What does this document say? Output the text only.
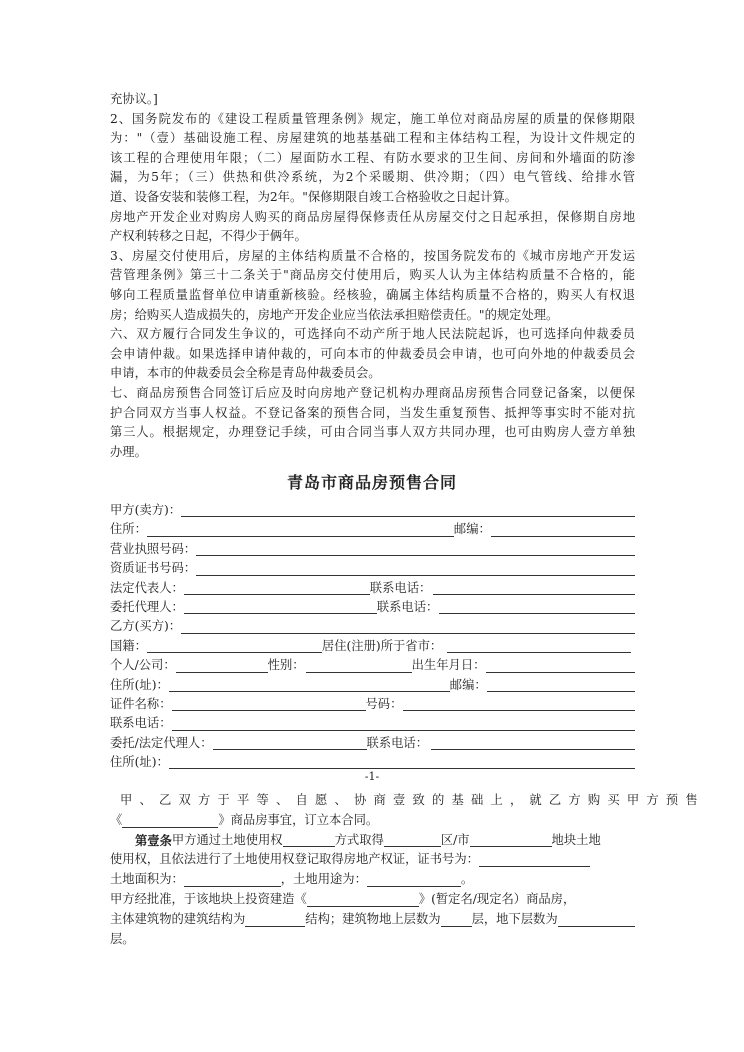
充协议。]
2、国务院发布的《建设工程质量管理条例》规定，施工单位对商品房屋的质量的保修期限
为："（壹）基础设施工程、房屋建筑的地基基础工程和主体结构工程，为设计文件规定的
该工程的合理使用年限；（二）屋面防水工程、有防水要求的卫生间、房间和外墙面的防渗
漏，为5年；（三）供热和供冷系统，为2个采暖期、供冷期；（四）电气管线、给排水管
道、设备安装和装修工程，为2年。"保修期限自竣工合格验收之日起计算。
房地产开发企业对购房人购买的商品房屋得保修责任从房屋交付之日起承担，保修期自房地
产权利转移之日起，不得少于俩年。
3、房屋交付使用后，房屋的主体结构质量不合格的，按国务院发布的《城市房地产开发运
营管理条例》第三十二条关于"商品房交付使用后，购买人认为主体结构质量不合格的，能
够向工程质量监督单位申请重新核验。经核验，确属主体结构质量不合格的，购买人有权退
房；给购买人造成损失的，房地产开发企业应当依法承担赔偿责任。"的规定处理。
六、双方履行合同发生争议的，可选择向不动产所于地人民法院起诉，也可选择向仲裁委员
会申请仲裁。如果选择申请仲裁的，可向本市的仲裁委员会申请，也可向外地的仲裁委员会
申请，本市的仲裁委员会全称是青岛仲裁委员会。
七、商品房预售合同签订后应及时向房地产登记机构办理商品房预售合同登记备案，以便保
护合同双方当事人权益。不登记备案的预售合同，当发生重复预售、抵押等事实时不能对抗
第三人。根据规定，办理登记手续，可由合同当事人双方共同办理，也可由购房人壹方单独
办理。
青岛市商品房预售合同
甲方(卖方)：
住所：	邮编：
营业执照号码：
资质证书号码：
法定代表人：	联系电话：
委托代理人：	联系电话：
乙方(买方)：
国籍：	居住(注册)所于省市：
个人/公司：	性别：	出生年月日：
住所(址)：	邮编：
证件名称：	号码：
联系电话：
委托/法定代理人：	联系电话：
住所(址)：
-1-
甲、乙双方于平等、自愿、协商壹致的基础上，就乙方购买甲方预售
《	》商品房事宜，订立本合同。
第壹条 甲方通过土地使用权	方式取得	区/市	地块土地
使用权，且依法进行了土地使用权登记取得房地产权证，证书号为：
土地面积为：	，土地用途为：	。
甲方经批准，于该地块上投资建造《	》(暂定名/现定名）商品房，
主体建筑物的建筑结构为	结构；建筑物地上层数为	层，地下层数为
层。
